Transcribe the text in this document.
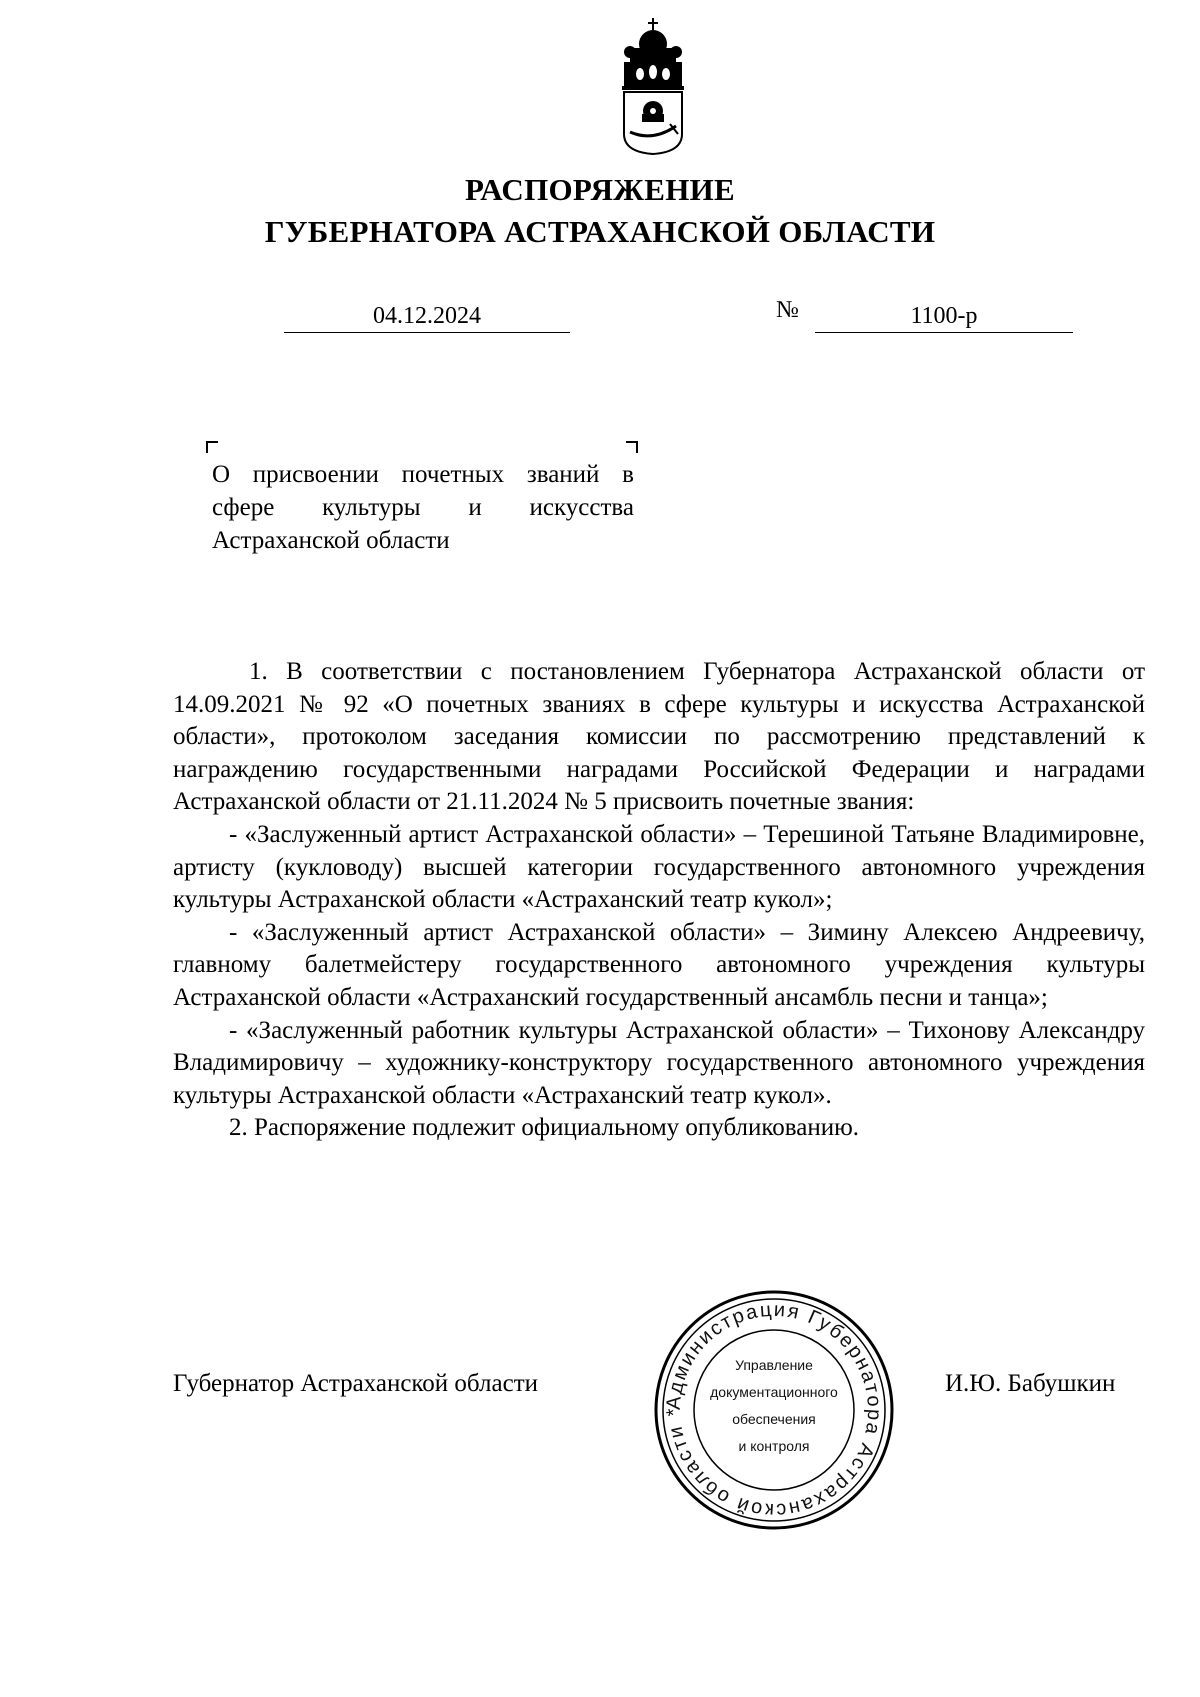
РАСПОРЯЖЕНИЕ
ГУБЕРНАТОРА АСТРАХАНСКОЙ ОБЛАСТИ
04.12.2024	№	1100-р
О присвоении почетных званий в
сфере культуры и искусства
Астраханской области

1. В соответствии с постановлением Губернатора Астраханской области от 14.09.2021 № 92 «О почетных званиях в сфере культуры и искусства Астраханской области», протоколом заседания комиссии по рассмотрению представлений к награждению государственными наградами Российской Федерации и наградами Астраханской области от 21.11.2024 № 5 присвоить почетные звания:

- «Заслуженный артист Астраханской области» – Терешиной Татьяне Владимировне, артисту (кукловоду) высшей категории государственного автономного учреждения культуры Астраханской области «Астраханский театр кукол»;

- «Заслуженный артист Астраханской области» – Зимину Алексею Андреевичу, главному балетмейстеру государственного автономного учреждения культуры Астраханской области «Астраханский государственный ансамбль песни и танца»;

- «Заслуженный работник культуры Астраханской области» – Тихонову Александру Владимировичу – художнику-конструктору государственного автономного учреждения культуры Астраханской области «Астраханский театр кукол».

2. Распоряжение подлежит официальному опубликованию.

Губернатор Астраханской области	И.Ю. Бабушкин
Администрация Губернатора Астраханской области *
Управление
документационного
обеспечения
и контроля
